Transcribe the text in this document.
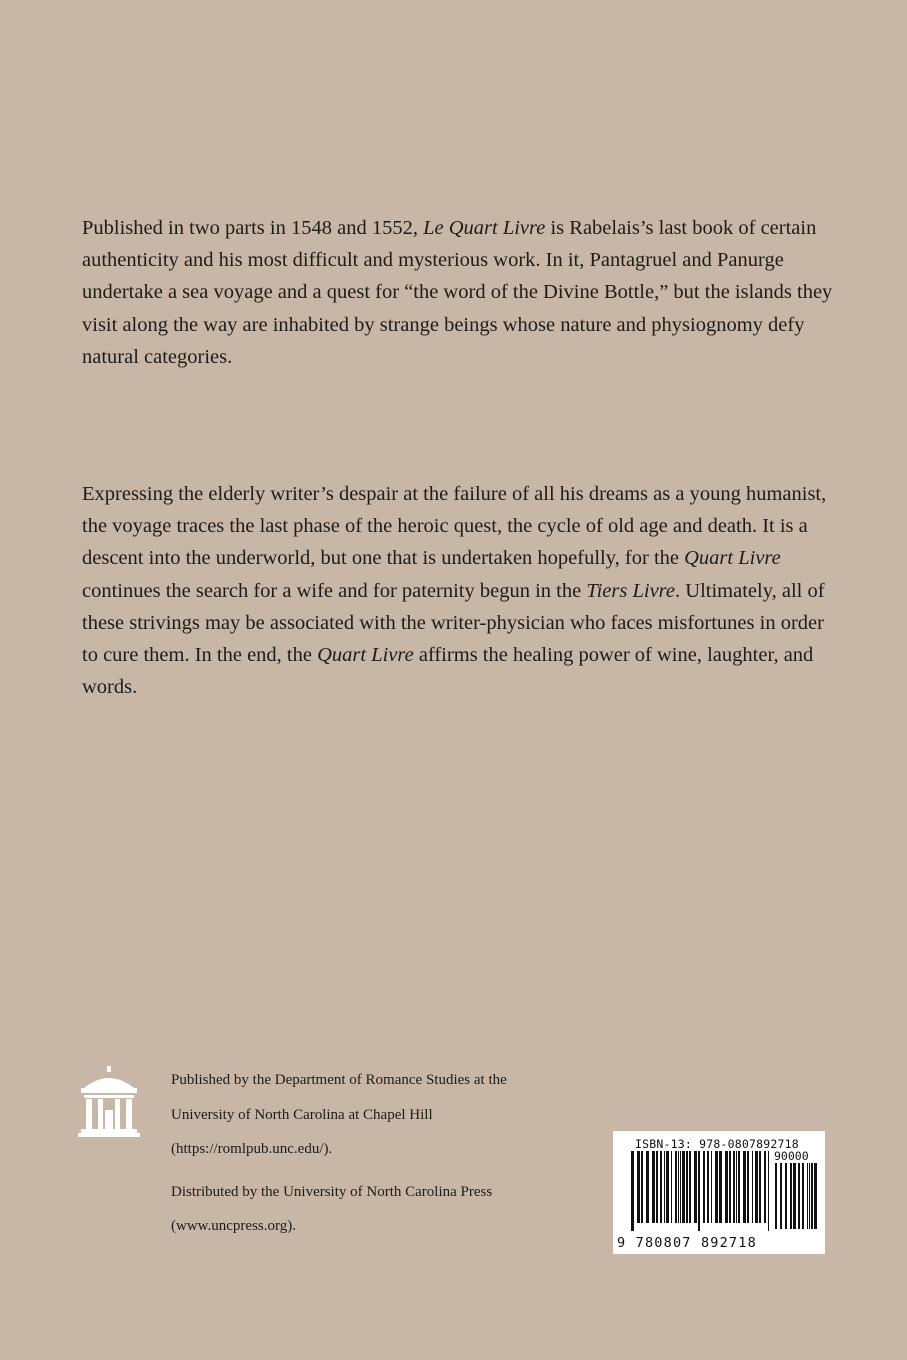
Published in two parts in 1548 and 1552, Le Quart Livre is Rabelais’s last book of certain authenticity and his most difficult and mysterious work. In it, Pantagruel and Panurge undertake a sea voyage and a quest for “the word of the Divine Bottle,” but the islands they visit along the way are inhabited by strange beings whose nature and physiognomy defy natural categories.

Expressing the elderly writer’s despair at the failure of all his dreams as a young humanist, the voyage traces the last phase of the heroic quest, the cycle of old age and death. It is a descent into the underworld, but one that is undertaken hopefully, for the Quart Livre continues the search for a wife and for paternity begun in the Tiers Livre. Ultimately, all of these strivings may be associated with the writer-physician who faces misfortunes in order to cure them. In the end, the Quart Livre affirms the healing power of wine, laughter, and words.

Published by the Department of Romance Studies at the
University of North Carolina at Chapel Hill
(https://romlpub.unc.edu/).
Distributed by the University of North Carolina Press
(www.uncpress.org).
ISBN-13: 978-0807892718
90000
9 780807 892718
